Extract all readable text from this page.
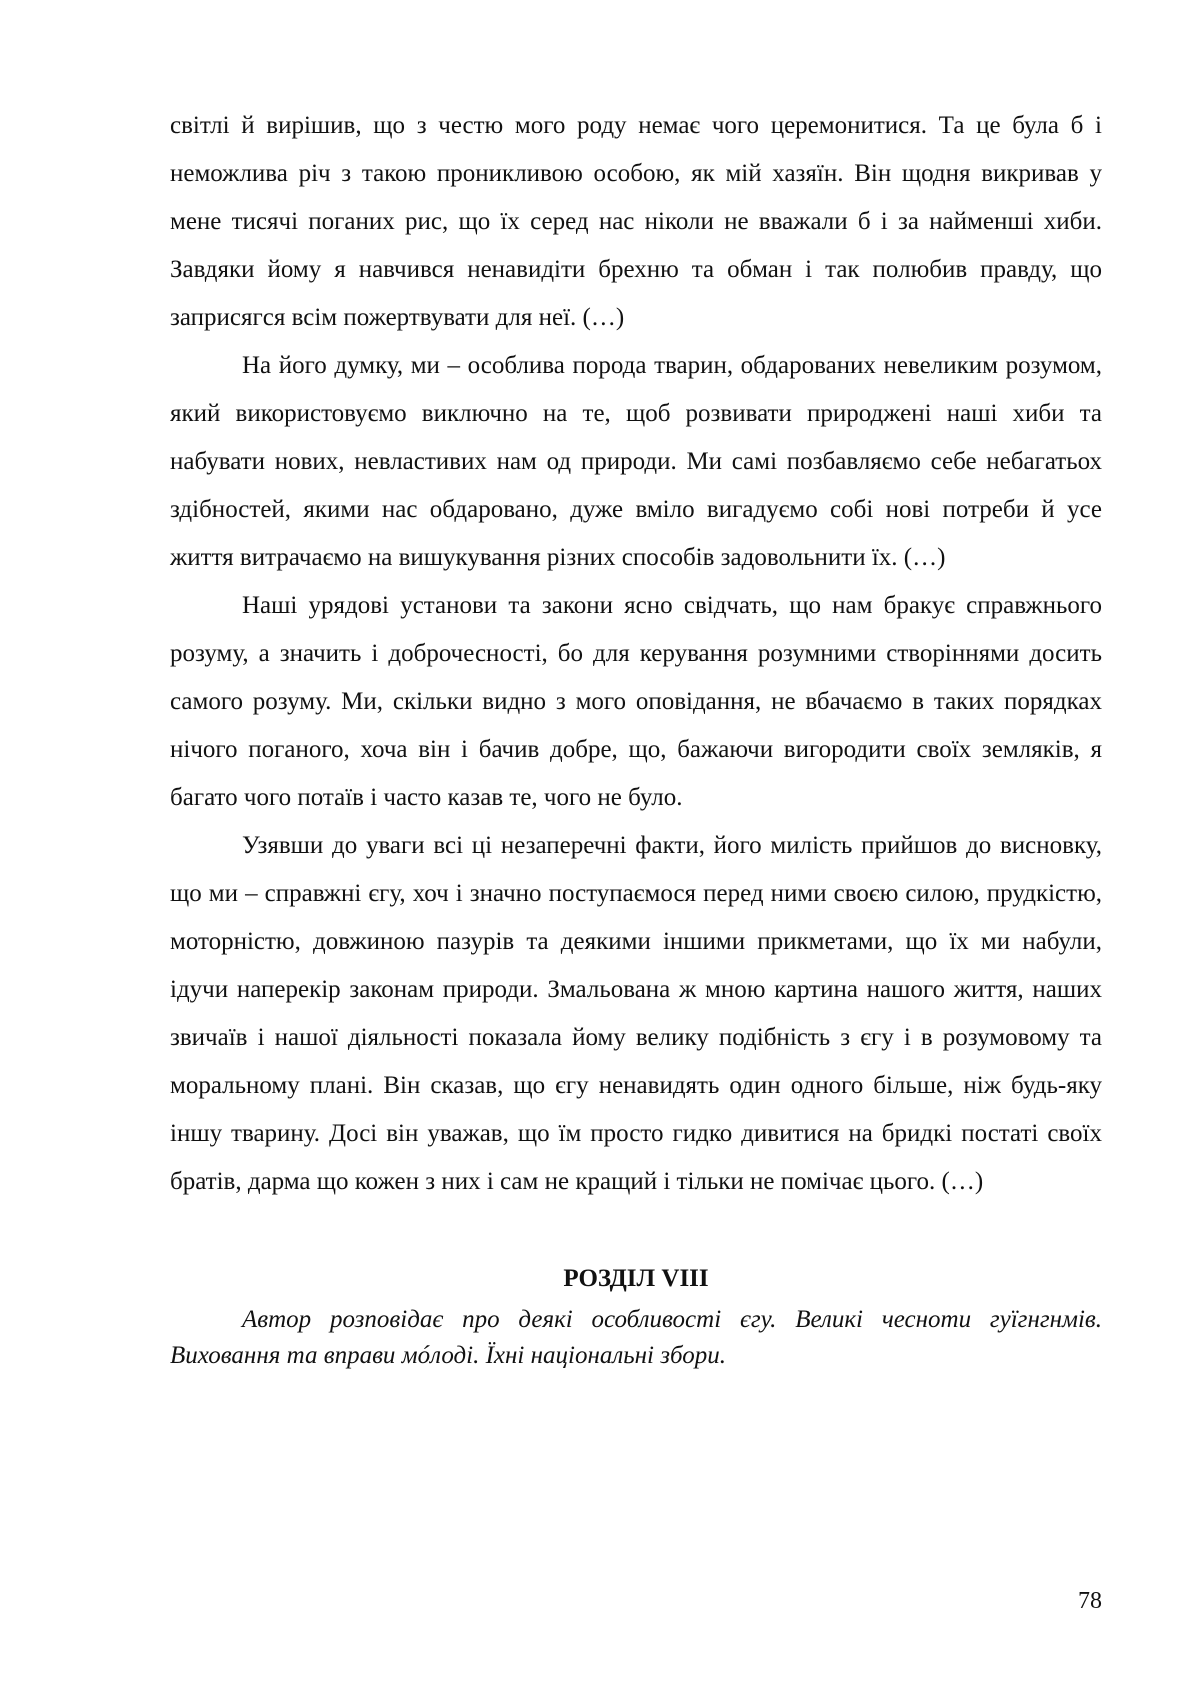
світлі й вирішив, що з честю мого роду немає чого церемонитися. Та це була б і неможлива річ з такою проникливою особою, як мій хазяїн. Він щодня викривав у мене тисячі поганих рис, що їх серед нас ніколи не вважали б і за найменші хиби. Завдяки йому я навчився ненавидіти брехню та обман і так полюбив правду, що заприсягся всім пожертвувати для неї. (…)

На його думку, ми – особлива порода тварин, обдарованих невеликим розумом, який використовуємо виключно на те, щоб розвивати природжені наші хиби та набувати нових, невластивих нам од природи. Ми самі позбавляємо себе небагатьох здібностей, якими нас обдаровано, дуже вміло вигадуємо собі нові потреби й усе життя витрачаємо на вишукування різних способів задовольнити їх. (…)

Наші урядові установи та закони ясно свідчать, що нам бракує справжнього розуму, а значить і доброчесності, бо для керування розумними створіннями досить самого розуму. Ми, скільки видно з мого оповідання, не вбачаємо в таких порядках нічого поганого, хоча він і бачив добре, що, бажаючи вигородити своїх земляків, я багато чого потаїв і часто казав те, чого не було.

Узявши до уваги всі ці незаперечні факти, його милість прийшов до висновку, що ми – справжні єгу, хоч і значно поступаємося перед ними своєю силою, прудкістю, моторністю, довжиною пазурів та деякими іншими прикметами, що їх ми набули, ідучи наперекір законам природи. Змальована ж мною картина нашого життя, наших звичаїв і нашої діяльності показала йому велику подібність з єгу і в розумовому та моральному плані. Він сказав, що єгу ненавидять один одного більше, ніж будь-яку іншу тварину. Досі він уважав, що їм просто гидко дивитися на бридкі постаті своїх братів, дарма що кожен з них і сам не кращий і тільки не помічає цього. (…)

РОЗДІЛ VIII

Автор розповідає про деякі особливості єгу. Великі чесноти гуїгнгнмів. Виховання та вправи мóлоді. Їхні національні збори.

78
